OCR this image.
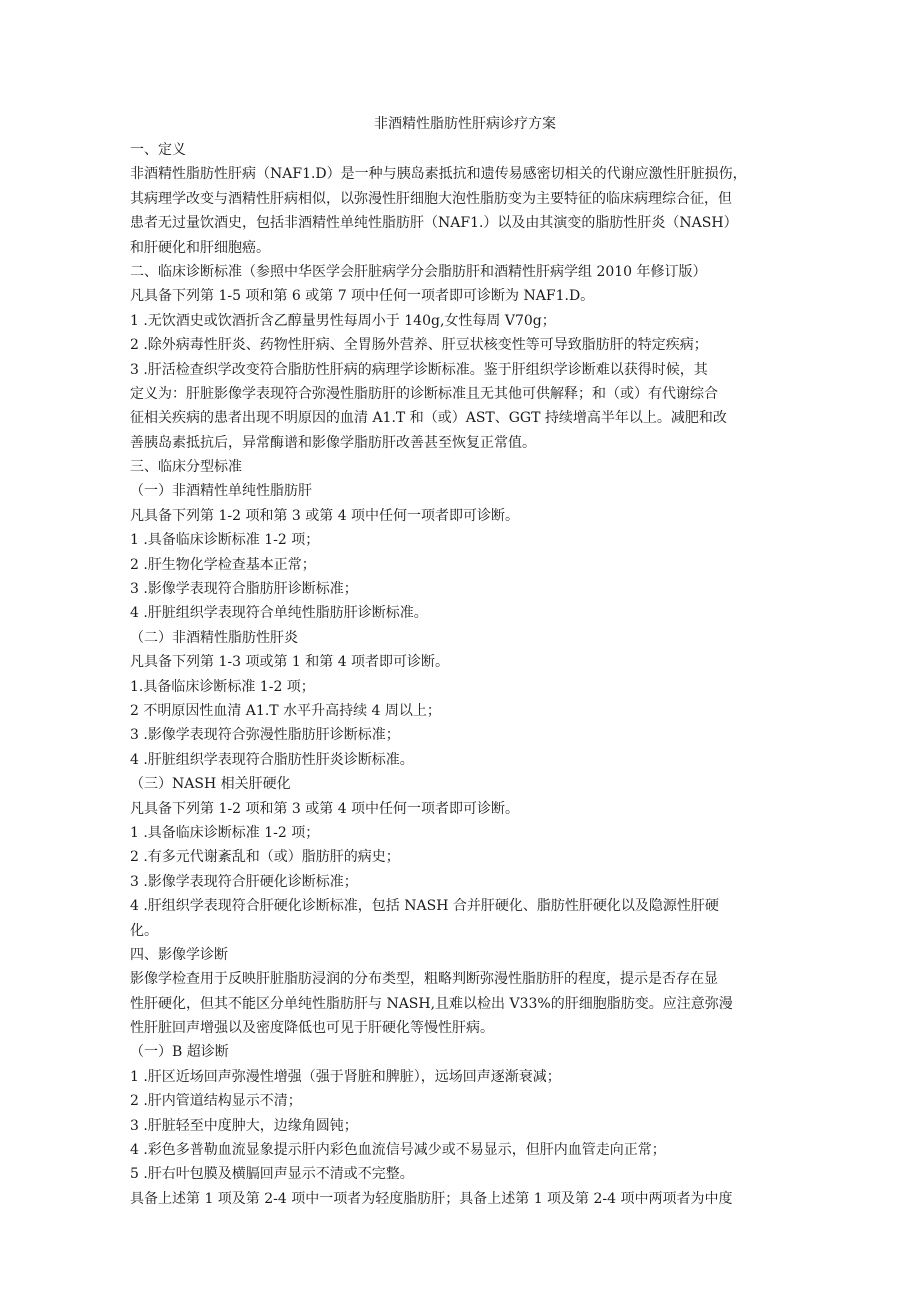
非酒精性脂肪性肝病诊疗方案
一、定义
非酒精性脂肪性肝病（NAF1.D）是一种与胰岛素抵抗和遗传易感密切相关的代谢应激性肝脏损伤，
其病理学改变与酒精性肝病相似，以弥漫性肝细胞大泡性脂肪变为主要特征的临床病理综合征，但
患者无过量饮酒史，包括非酒精性单纯性脂肪肝（NAF1.）以及由其演变的脂肪性肝炎（NASH）
和肝硬化和肝细胞癌。
二、临床诊断标准（参照中华医学会肝脏病学分会脂肪肝和酒精性肝病学组 2010 年修订版）
凡具备下列第 1-5 项和第 6 或第 7 项中任何一项者即可诊断为 NAF1.D。
1 .无饮酒史或饮酒折含乙醇量男性每周小于 140g,女性每周 V70g；
2 .除外病毒性肝炎、药物性肝病、全胃肠外营养、肝豆状核变性等可导致脂肪肝的特定疾病；
3 .肝活检查织学改变符合脂肪性肝病的病理学诊断标准。鉴于肝组织学诊断难以获得时候，其
定义为：肝脏影像学表现符合弥漫性脂肪肝的诊断标准且无其他可供解释；和（或）有代谢综合
征相关疾病的患者出现不明原因的血清 A1.T 和（或）AST、GGT 持续增高半年以上。减肥和改
善胰岛素抵抗后，异常酶谱和影像学脂肪肝改善甚至恢复正常值。
三、临床分型标准
（一）非酒精性单纯性脂肪肝
凡具备下列第 1-2 项和第 3 或第 4 项中任何一项者即可诊断。
1 .具备临床诊断标准 1-2 项；
2 .肝生物化学检查基本正常；
3 .影像学表现符合脂肪肝诊断标准；
4 .肝脏组织学表现符合单纯性脂肪肝诊断标准。
（二）非酒精性脂肪性肝炎
凡具备下列第 1-3 项或第 1 和第 4 项者即可诊断。
1.具备临床诊断标准 1-2 项；
2 不明原因性血清 A1.T 水平升高持续 4 周以上；
3 .影像学表现符合弥漫性脂肪肝诊断标准；
4 .肝脏组织学表现符合脂肪性肝炎诊断标准。
（三）NASH 相关肝硬化
凡具备下列第 1-2 项和第 3 或第 4 项中任何一项者即可诊断。
1 .具备临床诊断标准 1-2 项；
2 .有多元代谢紊乱和（或）脂肪肝的病史；
3 .影像学表现符合肝硬化诊断标准；
4 .肝组织学表现符合肝硬化诊断标准，包括 NASH 合并肝硬化、脂肪性肝硬化以及隐源性肝硬
化。
四、影像学诊断
影像学检查用于反映肝脏脂肪浸润的分布类型，粗略判断弥漫性脂肪肝的程度，提示是否存在显
性肝硬化，但其不能区分单纯性脂肪肝与 NASH,且难以检出 V33%的肝细胞脂肪变。应注意弥漫
性肝脏回声增强以及密度降低也可见于肝硬化等慢性肝病。
（一）B 超诊断
1 .肝区近场回声弥漫性增强（强于肾脏和脾脏），远场回声逐渐衰减；
2 .肝内管道结构显示不清；
3 .肝脏轻至中度肿大，边缘角圆钝；
4 .彩色多普勒血流显象提示肝内彩色血流信号减少或不易显示，但肝内血管走向正常；
5 .肝右叶包膜及横膈回声显示不清或不完整。
具备上述第 1 项及第 2-4 项中一项者为轻度脂肪肝；具备上述第 1 项及第 2-4 项中两项者为中度
